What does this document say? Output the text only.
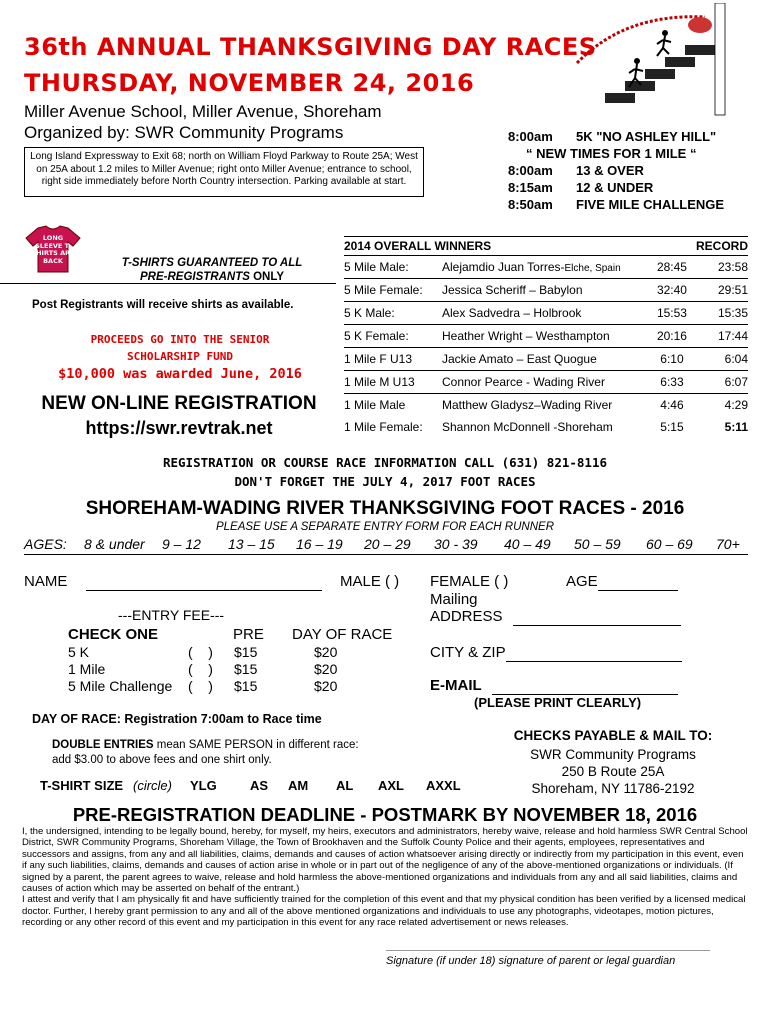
36th ANNUAL THANKSGIVING DAY RACES
THURSDAY, NOVEMBER 24, 2016
Miller Avenue School, Miller Avenue, Shoreham
Organized by: SWR Community Programs
Long Island Expressway to Exit 68; north on William Floyd Parkway to Route 25A; West on 25A about 1.2 miles to Miller Avenue; right onto Miller Avenue; entrance to school, right side immediately before North Country intersection. Parking available at start.
8:00am 5K "NO ASHLEY HILL"
“ NEW TIMES FOR 1 MILE “
8:00am 13 & OVER
8:15am 12 & UNDER
8:50am FIVE MILE CHALLENGE
LONG SLEEVE T-SHIRTS ARE BACK	T-SHIRTS GUARANTEED TO ALL
PRE-REGISTRANTS ONLY
Post Registrants will receive shirts as available.
PROCEEDS GO INTO THE SENIOR
SCHOLARSHIP FUND
$10,000 was awarded June, 2016
NEW ON-LINE REGISTRATION
https://swr.revtrak.net
2014 OVERALL WINNERS			RECORD
5 Mile Male:	Alejamdio Juan Torres-Elche, Spain	28:45	23:58
5 Mile Female:	Jessica Scheriff – Babylon	32:40	29:51
5 K Male:	Alex Sadvedra – Holbrook	15:53	15:35
5 K Female:	Heather Wright – Westhampton	20:16	17:44
1 Mile F U13	Jackie Amato – East Quogue	6:10	6:04
1 Mile M U13	Connor Pearce - Wading River	6:33	6:07
1 Mile Male	Matthew Gladysz–Wading River	4:46	4:29
1 Mile Female:	Shannon McDonnell -Shoreham	5:15	5:11
REGISTRATION OR COURSE RACE INFORMATION CALL (631) 821-8116
DON'T FORGET THE JULY 4, 2017 FOOT RACES
SHOREHAM-WADING RIVER THANKSGIVING FOOT RACES - 2016
PLEASE USE A SEPARATE ENTRY FORM FOR EACH RUNNER
AGES: 8 & under 9 – 12 13 – 15 16 – 19 20 – 29 30 - 39 40 – 49 50 – 59 60 – 69 70+
NAME	MALE ( ) FEMALE ( )	AGE
Mailing
ADDRESS
CITY & ZIP
E-MAIL
(PLEASE PRINT CLEARLY)
---ENTRY FEE---
CHECK ONE	PRE DAY OF RACE
5 K	(    ) $15	$20
1 Mile	(    ) $15	$20
5 Mile Challenge (    ) $15	$20
DAY OF RACE: Registration 7:00am to Race time
DOUBLE ENTRIES mean SAME PERSON in different race:
add $3.00 to above fees and one shirt only.
T-SHIRT SIZE (circle) YLG	AS AM AL AXL AXXL
CHECKS PAYABLE & MAIL TO:
SWR Community Programs
250 B Route 25A
Shoreham, NY 11786-2192
PRE-REGISTRATION DEADLINE - POSTMARK BY NOVEMBER 18, 2016
I, the undersigned, intending to be legally bound, hereby, for myself, my heirs, executors and administrators, hereby waive, release and hold harmless SWR Central School District, SWR Community Programs, Shoreham Village, the Town of Brookhaven and the Suffolk County Police and their agents, employees, representatives and successors and assigns, from any and all liabilities, claims, demands and causes of action whatsoever arising directly or indirectly from my participation in this event, even if any such liabilities, claims, demands and causes of action arise in whole or in part out of the negligence of any of the above-mentioned organizations or individuals. (If signed by a parent, the parent agrees to waive, release and hold harmless the above-mentioned organizations and individuals from any and all said liabilities, claims and causes of action which may be asserted on behalf of the entrant.)
I attest and verify that I am physically fit and have sufficiently trained for the completion of this event and that my physical condition has been verified by a licensed medical doctor. Further, I hereby grant permission to any and all of the above mentioned organizations and individuals to use any photographs, videotapes, motion pictures, recording or any other record of this event and my participation in this event for any race related advertisement or news releases.
Signature (if under 18) signature of parent or legal guardian
